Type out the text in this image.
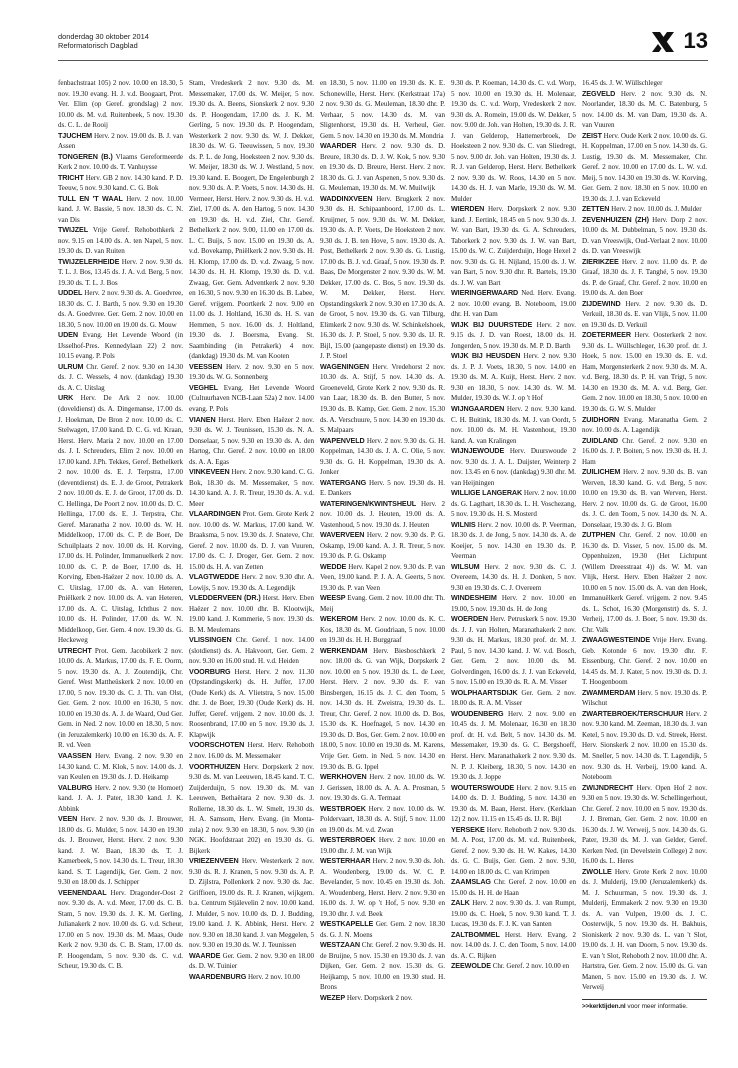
donderdag 30 oktober 2014
Reformatorisch Dagblad	13

fenbachstraat 105) 2 nov. 10.00 en 18.30, 5 nov. 19.30 evang. H. J. v.d. Boogaart, Prot. Ver. Elim (op Geref. grondslag) 2 nov. 10.00 ds. M. v.d. Ruitenbeek, 5 nov. 19.30 ds. C. L. de Rooij

TJUCHEM Herv. 2 nov. 19.00 ds. B. J. van Assen

TONGEREN (B.) Vlaams Gereformeerde Kerk 2 nov. 10.00 ds. T. Vanhuysse

TRICHT Herv. GB 2 nov. 14.30 kand. P. D. Teeuw, 5 nov. 9.30 kand. C. G. Bok

TULL EN 'T WAAL Herv. 2 nov. 10.00 kand. J. W. Bassie, 5 nov. 18.30 ds. C. N. van Dis

TWIJZEL Vrije Geref. Rehobothkerk 2 nov. 9.15 en 14.00 ds. A. ten Napel, 5 nov. 19.30 ds. D. van Ruiten

TWIJZELERHEIDE Herv. 2 nov. 9.30 ds. T. L. J. Bos, 13.45 ds. J. A. v.d. Berg, 5 nov. 19.30 ds. T. L. J. Bos

UDDEL Herv. 2 nov. 9.30 ds. A. Goedvree, 18.30 ds. C. J. Barth, 5 nov. 9.30 en 19.30 ds. A. Goedvree. Ger. Gem. 2 nov. 10.00 en 18.30, 5 nov. 10.00 en 19.00 ds. G. Mouw

UDEN Evang. Het Levende Woord (in IJsselhof-Pres. Kennedylaan 22) 2 nov. 10.15 evang. P. Pols

ULRUM Chr. Geref. 2 nov. 9.30 en 14.30 ds. J. C. Wessels, 4 nov. (dankdag) 19.30 ds. A. C. Uitslag

URK Herv. De Ark 2 nov. 10.00 (doveldienst) ds. A. Dingemanse, 17.00 ds. J. Hoekman, De Bron 2 nov. 10.00 ds. C. Stelwagen, 17.00 kand. D. C. G. vd. Kraan, Herst. Herv. Maria 2 nov. 10.00 en 17.00 ds. J. I. Schreuders, Elim 2 nov. 10.00 en 17.00 kand. J.Ph. Tekkes, Geref. Bethelkerk 2 nov. 10.00 ds. E. J. Terpstra, 17.00 (deventdienst) ds. E. J. de Groot, Petrakerk 2 nov. 10.00 ds. E. J. de Groot, 17.00 ds. D. C. Hellinga, De Poort 2 nov. 10.00 ds. D. C. Hellinga, 17.00 ds. E. J. Terpstra, Chr. Geref. Maranatha 2 nov. 10.00 ds. W. H. Middelkoop, 17.00 ds. C. P. de Boer, De Schuilplaats 2 nov. 10.00 ds. H. Korving, 17.00 ds. H. Polinder, Immanuelkerk 2 nov. 10.00 ds. C. P. de Boer, 17.00 ds. H. Korving, Eben-Haëzer 2 nov. 10.00 ds. A. C. Uitslag, 17.00 ds. A. van Heteren, Pniëlkerk 2 nov. 10.00 ds. A. van Heteren, 17.00 ds. A. C. Uitslag, Ichthus 2 nov. 10.00 ds. H. Polinder, 17.00 ds. W. N. Middelkoop, Ger. Gem. 4 nov. 19.30 ds. G. Heckeweg

UTRECHT Prot. Gem. Jacobikerk 2 nov. 10.00 ds. A. Markus, 17.00 ds. F. E. Oorm, 5 nov. 19.30 ds. A. J. Zoutendijk, Chr. Geref. West Mattheüskerk 2 nov. 10.00 en 17.00, 5 nov. 19.30 ds. C. J. Th. van Olst, Ger. Gem. 2 nov. 10.00 en 16.30, 5 nov. 10.00 en 19.30 ds. A. J. de Waard, Oud Ger. Gem. in Ned. 2 nov. 10.00 en 18.30, 5 nov. (in Jeruzalemkerk) 10.00 en 16.30 ds. A. F. R. vd. Veen

VAASSEN Herv. Evang. 2 nov. 9.30 en 14.30 kand. C. M. Klok, 5 nov. 14.00 ds. J. van Keulen en 19.30 ds. J. D. Heikamp

VALBURG Herv. 2 nov. 9.30 (te Homoet) kand. J. A. J. Pater, 18.30 kand. J. K. Abbink

VEEN Herv. 2 nov. 9.30 ds. J. Brouwer, 18.00 ds. G. Mulder, 5 nov. 14.30 en 19.30 ds. J. Brouwer, Herst. Herv. 2 nov. 9.30 kand. J. W. Baan, 18.30 ds. T. J. Kamerbeek, 5 nov. 14.30 ds. L. Treur, 18.30 kand. S. T. Lagendijk, Ger. Gem. 2 nov. 9.30 en 18.00 ds. J. Schipper

VEENENDAAL Herv. Dragonder-Oost 2 nov. 9.30 ds. A. v.d. Meer, 17.00 ds. C. B. Stam, 5 nov. 19.30 ds. J. K. M. Gerling, Julianakerk 2 nov. 10.00 ds. G. v.d. Scheur, 17.00 en 5 nov. 19.30 ds. M. Maas, Oude Kerk 2 nov. 9.30 ds. C. B. Stam, 17.00 ds. P. Hoogendam, 5 nov. 9.30 ds. C. v.d. Scheur, 19.30 ds. C. B.

Stam, Vredeskerk 2 nov. 9.30 ds. M. Messemaker, 17.00 ds. W. Meijer, 5 nov. 19.30 ds. A. Beens, Sionskerk 2 nov. 9.30 ds. P. Hoogendam, 17.00 ds. J. K. M. Gerling, 5 nov. 19.30 ds. P. Hoogendam, Westerkerk 2 nov. 9.30 ds. W. J. Dekker, 18.30 ds. W. G. Teeuwissen, 5 nov. 19.30 ds. P. L. de Jong, Hoeksteen 2 nov. 9.30 ds. W. Meijer, 18.30 ds. W. J. Westland, 5 nov. 19.30 kand. E. Boogert, De Engelenburgh 2 nov. 9.30 ds. A. P. Voets, 5 nov. 14.30 ds. H. Vermeer, Herst. Herv. 2 nov. 9.30 ds. H. v.d. Ziel, 17.00 ds. A. den Hartog, 5 nov. 14.30 en 19.30 ds. H. v.d. Ziel, Chr. Geref. Bethelkerk 2 nov. 9.00, 11.00 en 17.00 ds. L. C. Buijs, 5 nov. 15.00 en 19.30 ds. A. v.d. Bovekamp, Pniëlkerk 2 nov. 9.30 ds. H. H. Klomp, 17.00 ds. D. v.d. Zwaag, 5 nov. 14.30 ds. H. H. Klomp, 19.30 ds. D. v.d. Zwaag, Ger. Gem. Adventkerk 2 nov. 9.30 en 16.30, 5 nov. 9.30 en 16.30 ds. B. Labee, Geref. vrijgem. Poortkerk 2 nov. 9.00 en 11.00 ds. J. Holtland, 16.30 ds. H. S. van Hemmen, 5 nov. 16.00 ds. J. Holtland, 19.30 ds. J. Boersma, Evang. St. Saambinding (in Petrakerk) 4 nov. (dankdag) 19.30 ds. M. van Kooten

VEESSEN Herv. 2 nov. 9.30 en 5 nov. 19.30 ds. W. G. Sonnenberg

VEGHEL Evang. Het Levende Woord (Cultuurhaven NCB-Laan 52a) 2 nov. 14.00 evang. P. Pols

VIANEN Herst. Herv. Eben Haëzer 2 nov. 9.30 ds. W. J. Teunissen, 15.30 ds. N. A. Donselaar, 5 nov. 9.30 en 19.30 ds. A. den Hartog, Chr. Geref. 2 nov. 10.00 en 18.00 ds. A. A. Egas

VINKEVEEN Herv. 2 nov. 9.30 kand. C. G. Bok, 18.30 ds. M. Messemaker, 5 nov. 14.30 kand. A. J. R. Treur, 19.30 ds. A. v.d. Meer

VLAARDINGEN Prot. Gem. Grote Kerk 2 nov. 10.00 ds. W. Markus, 17.00 kand. W. Braaksma, 5 nov. 19.30 ds. J. Snateve, Chr. Geref. 2 nov. 10.00 ds. D. J. van Vuuren, 17.00 ds. C. J. Droger, Ger. Gem. 2 nov. 15.00 ds. H. A. van Zetten

VLAGTWEDDE Herv. 2 nov. 9.30 dhr. A. Lowijs, 5 nov. 19.30 ds. A. Legendijk

VLEDDERVEEN (DR.) Herst. Herv. Eben Haëzer 2 nov. 10.00 dhr. B. Klootwijk, 19.00 kand. J. Kommerie, 5 nov. 19.30 ds. B. M. Meulemans

VLISSINGEN Chr. Geref. 1 nov. 14.00 (slotdienst) ds. A. Hakvoort, Ger. Gem. 2 nov. 9.30 en 16.00 stud. H. v.d. Heiden

VOORBURG Herst. Herv. 2 nov. 11.30 (Opstandingskerk) ds. H. Juffer, 17.00 (Oude Kerk) ds. A. Vlietstra, 5 nov. 15.00 dhr. J. de Boer, 19.30 (Oude Kerk) ds. H. Juffer, Geref. vrijgem. 2 nov. 10.00 ds. J. Roosenbrand, 17.00 en 5 nov. 19.30 ds. J. Klapwijk

VOORSCHOTEN Herst. Herv. Rehoboth 2 nov. 16.00 ds. M. Messemaker

VOORTHUIZEN Herv. Dorpskerk 2 nov. 9.30 ds. M. van Leeuwen, 18.45 kand. T. C. Zuijderduijn, 5 nov. 19.30 ds. M. van Leeuwen, Bethaëtara 2 nov. 9.30 ds. J. Rollerne, 18.30 ds. L. W. Smelt, 19.30 ds. H. A. Samsom, Herv. Evang. (in Monta-zula) 2 nov. 9.30 en 18.30, 5 nov. 9.30 (in NGK. Hoofdstraat 202) en 19.30 ds. G. Bijkerk

VRIEZENVEEN Herv. Westerkerk 2 nov. 9.30 ds. R. J. Kranen, 5 nov. 9.30 ds. A. P. D. Zijlstra, Pollenkerk 2 nov. 9.30 ds. Jac. Griffioen, 19.00 ds. R. J. Kranen, wijkgem. b.a. Centrum Stjálevelin 2 nov. 10.00 kand. J. Mulder, 5 nov. 10.00 ds. D. J. Budding, 19.00 kand. J. K. Abbink, Herst. Herv. 2 nov. 9.30 en 18.30 kand. J. van Meggelen, 5 nov. 9.30 en 19.30 ds. W. J. Teunissen

WAARDE Ger. Gem. 2 nov. 9.30 en 18.00 ds. D. W. Tuinier

WAARDENBURG Herv. 2 nov. 10.00

en 18.30, 5 nov. 11.00 en 19.30 ds. K. E. Schonewille, Herst. Herv. (Kerkstraat 17a) 2 nov. 9.30 ds. G. Meuleman, 18.30 dhr. P. Verhaar, 5 nov. 14.30 ds. M. van Sligtenhorst, 19.30 ds. H. Verheul, Ger. Gem. 5 nov. 14.30 en 19.30 ds. M. Mondria

WAARDER Herv. 2 nov. 9.30 ds. D. Breure, 18.30 ds. D. J. W. Kok, 5 nov. 9.30 en 19.30 ds. D. Breure, Herst. Herv. 2 nov. 18.30 ds. G. J. van Aspenen, 5 nov. 9.30 ds. G. Meuleman, 19.30 ds. M. W. Muilwijk

WADDINXVEEN Herv. Brugkerk 2 nov. 9.30 ds. H. Schipaanboord, 17.00 ds. L. Kruijmer, 5 nov. 9.30 ds. W. M. Dekker, 19.30 ds. A. P. Voets, De Hoeksteen 2 nov. 9.30 ds. J. B. ten Hove, 5 nov. 19.30 ds. A. Post, Bethelkerk 2 nov. 9.30 ds. G. Lustig, 17.00 ds. B. J. v.d. Graaf, 5 nov. 19.30 ds. P. Baas, De Morgenster 2 nov. 9.30 ds. W. M. Dekker, 17.00 ds. C. Bos, 5 nov. 19.30 ds. W. M. Dekker, Herst. Herv. Opstandingskerk 2 nov. 9.30 en 17.30 ds. A. de Groot, 5 nov. 19.30 ds. G. van Tilburg, Elimkerk 2 nov. 9.30 ds. W. Schinkelshoek, 16.30 ds. J. P. Stoel, 5 nov. 9.30 ds. IJ. R. Bijl, 15.00 (aangepaste dienst) en 19.30 ds. J. P. Stoel

WAGENINGEN Herv. Vredehorst 2 nov. 10.30 ds. A. Stijf, 5 nov. 14.30 ds. A. Groeneveld, Grote Kerk 2 nov. 9.30 ds. R. van Laar, 18.30 ds. B. den Butter, 5 nov. 19.30 ds. B. Kamp, Ger. Gem. 2 nov. 15.30 ds. A. Verschuure, 5 nov. 14.30 en 19.30 ds. S. Malpaars

WAPENVELD Herv. 2 nov. 9.30 ds. G. H. Koppelman, 14.30 ds. J. A. C. Olie, 5 nov. 9.30 ds. G. H. Koppelman, 19.30 ds. A. Jonker

WATERGANG Herv. 5 nov. 19.30 ds. H. E. Dankers

WATERINGEN/KWINTSHEUL Herv. 2 nov. 10.00 ds. J. Heuten, 19.00 ds. A. Vastenhoud, 5 nov. 19.30 ds. J. Heuten

WAVERVEEN Herv. 2 nov. 9.30 ds. P. G. Oskamp, 19.00 kand. A. J. R. Treur, 5 nov. 19.30 ds. P. G. Oskamp

WEDDE Herv. Kapel 2 nov. 9.30 ds. P. van Veen, 19.00 kand. P. J. A. A. Geerts, 5 nov. 19.30 ds. P. van Veen

WEESP Evang. Gem. 2 nov. 10.00 dhr. Th. Meij

WEKEROM Herv. 2 nov. 10.00 ds. K. C. Kos, 18.30 ds. M. Goudriaan, 5 nov. 10.00 en 19.30 ds. H. H. Burggraaf

WERKENDAM Herv. Biesboschkerk 2 nov. 18.00 ds. G. van Wijk, Dorpskerk 2 nov. 10.00 en 5 nov. 19.30 ds. L. de Leer, Herst. Herv. 2 nov. 9.30 ds. F. van Binsbergen, 16.15 ds. J. C. den Toom, 5 nov. 14.30 ds. H. Zweistra, 19.30 ds. L. Treur, Chr. Geref. 2 nov. 10.00 ds. D. Bos, 15.30 ds. K. Hoefnagel, 5 nov. 14.30 en 19.30 ds. D. Bos, Ger. Gem. 2 nov. 10.00 en 18.00, 5 nov. 10.00 en 19.30 ds. M. Karens, Vrije Ger. Gem. in Ned. 5 nov. 14.30 en 19.30 ds. B. G. Ippel

WERKHOVEN Herv. 2 nov. 10.00 ds. W. J. Gerissen, 18.00 ds. A. A. A. Prosman, 5 nov. 19.30 ds. G. A. Termaat

WESTBROEK Herv. 2 nov. 10.00 ds. W. Poldervaart, 18.30 ds. A. Stijf, 5 nov. 11.00 en 19.00 ds. M. v.d. Zwan

WESTERBROEK Herv. 2 nov. 10.00 en 19.00 dhr. J. M. van Wijk

WESTERHAAR Herv. 2 nov. 9.30 ds. Joh. A. Woudenberg, 19.00 ds. W. C. P. Bevelander, 5 nov. 10.45 en 19.30 ds. Joh. A. Woudenberg, Herst. Herv. 2 nov. 9.30 en 16.00 ds. J. W. op 't Hof, 5 nov. 9.30 en 19.30 dhr. J. v.d. Beek

WESTKAPELLE Ger. Gem. 2 nov. 18.30 ds. G. J. N. Moens

WESTZAAN Chr. Geref. 2 nov. 9.30 ds. H. de Bruijne, 5 nov. 15.30 en 19.30 ds. J. van Dijken, Ger. Gem. 2 nov. 15.30 ds. G. Heijkamp, 5 nov. 10.00 en 19.30 stud. H. Brons

WEZEP Herv. Dorpskerk 2 nov.

9.30 ds. P. Koeman, 14.30 ds. C. v.d. Worp, 5 nov. 10.00 en 19.30 ds. H. Molenaar, 19.30 ds. C. v.d. Worp, Vredeskerk 2 nov. 9.30 ds. A. Romein, 19.00 ds. W. Dekker, 5 nov. 9.00 dr. Joh. van Holten, 19.30 ds. J. R. J. van Gelderop, Hattemerbroek, De Hoeksteen 2 nov. 9.30 ds. C. van Sliedregt, 5 nov. 9.00 dr. Joh. van Holten, 19.30 ds. J. R. J. van Gelderop, Herst. Herv. Bethelkerk 2 nov. 9.30 ds. W. Roos, 14.30 en 5 nov. 14.30 ds. H. J. van Marle, 19.30 ds. W. M. Mulder

WIERDEN Herv. Dorpskerk 2 nov. 9.30 kand. J. Eertink, 18.45 en 5 nov. 9.30 ds. J. W. van Bart, 19.30 ds. G. A. Schreuders, Taborkerk 2 nov. 9.30 ds. J. W. van Bart, 15.00 ds. W. C. Zuijderduijn, Hoge Hexel 2 nov. 9.30 ds. G. H. Nijland, 15.00 ds. J. W. van Bart, 5 nov. 9.30 dhr. R. Bartels, 19.30 ds. J. W. van Bart

WIERINGERWAARD Ned. Herv. Evang. 2 nov. 10.00 evang. B. Noteboom, 19.00 dhr. H. van Dam

WIJK BIJ DUURSTEDE Herv. 2 nov. 9.15 ds. J. D. van Roest, 18.00 ds. H. Jongerden, 5 nov. 19.30 ds. M. P. D. Barth

WIJK BIJ HEUSDEN Herv. 2 nov. 9.30 ds. J. P. J. Voets, 18.30, 5 nov. 14.00 en 19.30 ds. M. A. Kuijt, Herst. Herv. 2 nov. 9.30 en 18.30, 5 nov. 14.30 ds. W. M. Mulder, 19.30 ds. W. J. op 't Hof

WIJNGAARDEN Herv. 2 nov. 9.30 kand. C. H. Buitink, 18.30 ds. M. J. van Oordt, 5 nov. 10.00 ds. M. H. Vastenhout, 19.30 kand. A. van Kralingen

WIJNJEWOUDE Herv. Duurswoude 2 nov. 9.30 ds. J. A. L. Duijster, Weinterp 2 nov. 13.45 en 6 nov. (dankdag) 9.30 dhr. M. van Heijningen

WILLIGE LANGERAK Herv. 2 nov. 10.00 ds. G. Lagthart, 18.30 ds. L. H. Voschezang, 5 nov. 19.30 ds. H. S. Mosterd

WILNIS Herv. 2 nov. 10.00 ds. P. Veerman, 18.30 ds. J. de Jong, 5 nov. 14.30 ds. A. de Koeijer, 5 nov. 14.30 en 19.30 ds. P. Veerman

WILSUM Herv. 2 nov. 9.30 ds. C. J. Overeem, 14.30 ds. H. J. Donken, 5 nov. 9.30 en 19.30 ds. C. J. Overeem

WINDESHEIM Herv. 2 nov. 10.00 en 19.00, 5 nov. 19.30 ds. H. de Jong

WOERDEN Herv. Petruskerk 5 nov. 19.30 ds. J. J. van Holten, Maranathakerk 2 nov. 9.30 ds. H. Markus, 18.30 prof. dr. M. J. Paul, 5 nov. 14.30 kand. J. W. v.d. Bosch, Ger. Gem. 2 nov. 10.00 ds. M. Golverdingen, 16.00 ds. J. J. van Eckeveld, 5 nov. 15.00 en 19.30 ds. R. A. M. Visser

WOLPHAARTSDIJK Ger. Gem. 2 nov. 18.00 ds. R. A. M. Visser

WOUDENBERG Herv. 2 nov. 9.00 en 10.45 ds. J. M. Molenaar, 16.30 en 18.30 prof. dr. H. v.d. Belt, 5 nov. 14.30 ds. M. Messemaker, 19.30 ds. G. C. Bergshoeff, Herst. Herv. Maranathakerk 2 nov. 9.30 ds. N. P. J. Kleiberg, 18.30, 5 nov. 14.30 en 19.30 ds. J. Joppe

WOUTERSWOUDE Herv. 2 nov. 9.15 en 14.00 ds. D. J. Budding, 5 nov. 14.30 en 19.30 ds. M. Baan, Herst. Herv. (Kerklaan 12) 2 nov. 11.15 en 15.45 ds. IJ. R. Bijl

YERSEKE Herv. Rehoboth 2 nov. 9.30 ds. M. A. Post, 17.00 ds. M. v.d. Ruitenbeek, Geref. 2 nov. 9.30 ds. H. W. Kakes, 14.30 ds. G. C. Buijs, Ger. Gem. 2 nov. 9.30, 14.00 en 18.00 ds. C. van Krimpen

ZAAMSLAG Chr. Geref. 2 nov. 10.00 en 15.00 ds. H. H. de Haan

ZALK Herv. 2 nov. 9.30 ds. J. van Rumpt, 19.00 ds. C. Hoek, 5 nov. 9.30 kand. T. J. Lucas, 19.30 ds. F. J. K. van Santen

ZALTBOMMEL Herst. Herv. Evang. 2 nov. 14.00 ds. J. C. den Toom, 5 nov. 14.00 ds. A. C. Rijken

ZEEWOLDE Chr. Geref. 2 nov. 10.00 en

16.45 ds. J. W. Wüllschleger

ZEGVELD Herv. 2 nov. 9.30 ds. N. Noorlander, 18.30 ds. M. C. Batenburg, 5 nov. 14.00 ds. M. van Dam, 19.30 ds. A. van Vuuren

ZEIST Herv. Oude Kerk 2 nov. 10.00 ds. G. H. Koppelman, 17.00 en 5 nov. 14.30 ds. G. Lustig, 19.30 ds. M. Messemaker, Chr. Geref. 2 nov. 10.00 en 17.00 ds. L. W. v.d. Meij, 5 nov. 14.30 en 19.30 ds. W. Korving, Ger. Gem. 2 nov. 18.30 en 5 nov. 10.00 en 19.30 ds. J. J. van Eckeveld

ZETTEN Herv. 2 nov. 10.00 ds. J. Mulder

ZEVENHUIZEN (ZH) Herv. Dorp 2 nov. 10.00 ds. M. Dubbelman, 5 nov. 19.30 ds. D. van Vreeswijk, Oud-Verlaat 2 nov. 10.00 ds. D. van Vreeswijk

ZIERIKZEE Herv. 2 nov. 11.00 ds. P. de Graaf, 18.30 ds. J. F. Tanghé, 5 nov. 19.30 ds. P. de Graaf, Chr. Geref. 2 nov. 10.00 en 19.00 ds. A. den Boer

ZIJDEWIND Herv. 2 nov. 9.30 ds. D. Verkuil, 18.30 ds. E. van Vlijk, 5 nov. 11.00 en 19.30 ds. D. Verkuil

ZOETERMEER Herv. Oosterkerk 2 nov. 9.30 ds. L. Wüllschleger, 16.30 prof. dr. J. Hoek, 5 nov. 15.00 en 19.30 ds. E. v.d. Ham, Morgensterkerk 2 nov. 9.30 ds. M. A. v.d. Berg, 18.30 ds. P. H. van Trigt, 5 nov. 14.30 en 19.30 ds. M. A. v.d. Berg, Ger. Gem. 2 nov. 10.00 en 18.30, 5 nov. 10.00 en 19.30 ds. G. W. S. Mulder

ZUIDHORN Evang. Maranatha Gem. 2 nov. 10.00 ds. A. Lagendijk

ZUIDLAND Chr. Geref. 2 nov. 9.30 en 16.00 ds. J. P. Boiten, 5 nov. 19.30 ds. H. J. Ham

ZUILICHEM Herv. 2 nov. 9.30 ds. B. van Werven, 18.30 kand. G. v.d. Berg, 5 nov. 10.00 en 19.30 ds. B. van Werven, Herst. Herv. 2 nov. 10.00 ds. G. de Groot, 16.00 ds. J. C. den Toom, 5 nov. 14.30 ds. N. A. Donselaar, 19.30 ds. J. G. Blom

ZUTPHEN Chr. Geref. 2 nov. 10.00 en 16.30 ds. D. Visser, 5 nov. 15.00 ds. M. Oppenhuizen, 19.30 (Het Lichtpunt (Willem Dreesstraat 4)) ds. W. M. van Vlijk, Herst. Herv. Eben Haëzer 2 nov. 10.00 en 5 nov. 15.00 ds. A. van den Hoek, Immanuëlkerk Geref. vrijgem. 2 nov. 9.45 ds. L. Schot, 16.30 (Morgenstrt) ds. S. J. Verheij, 17.00 ds. J. Boer, 5 nov. 19.30 ds. Chr. Valk

ZWAAGWESTEINDE Vrije Herv. Evang. Geb. Kotonde 6 nov. 19.30 dhr. F. Eissenburg, Chr. Geref. 2 nov. 10.00 en 14.45 ds. M. J. Kater, 5 nov. 19.30 ds. D. J. T. Hoogenboom

ZWAMMERDAM Herv. 5 nov. 19.30 ds. P. Wilschut

ZWARTEBROEK/TERSCHUUR Herv. 2 nov. 9.30 kand. M. Zeeman, 18.30 ds. J. van Ketel, 5 nov. 19.30 ds. D. v.d. Streek, Herst. Herv. Sionskerk 2 nov. 10.00 en 15.30 ds. M. Sneller, 5 nov. 14.30 ds. T. Lagendijk, 5 nov. 9.30 ds. H. Verbeij, 19.00 kand. A. Noteboom

ZWIJNDRECHT Herv. Open Hof 2 nov. 9.30 en 5 nov. 19.30 ds. W. Schellingerhout, Chr. Geref. 2 nov. 10.00 en 5 nov. 19.30 ds. J. J. Breman, Ger. Gem. 2 nov. 10.00 en 16.30 ds. J. W. Verweij, 5 nov. 14.30 ds. G. Pater, 19.30 ds. M. J. van Gelder, Geref. Kerken Ned. (in Develstein College) 2 nov. 16.00 ds. L. Heres

ZWOLLE Herv. Grote Kerk 2 nov. 10.00 ds. J. Mulderij, 19.00 (Jeruzalemkerk) ds. M. J. Schuurman, 5 nov. 19.30 ds. J. Mulderij, Emmakerk 2 nov. 9.30 en 19.30 ds. A. van Vulpen, 19.00 ds. J. C. Oosterwijk, 5 nov. 19.30 ds. H. Bakhuis, Sioniskerk 2 nov. 9.30 ds. L. van 't Slot, 19.00 ds. J. H. van Doorn, 5 nov. 19.30 ds. E. van 't Slot, Rehoboth 2 nov. 10.00 dhr. A. Hartstra, Ger. Gem. 2 nov. 15.00 ds. G. van Manen, 5 nov. 15.00 en 19.30 ds. J. W. Verweij

>>kerktijden.nl voor meer informatie.
